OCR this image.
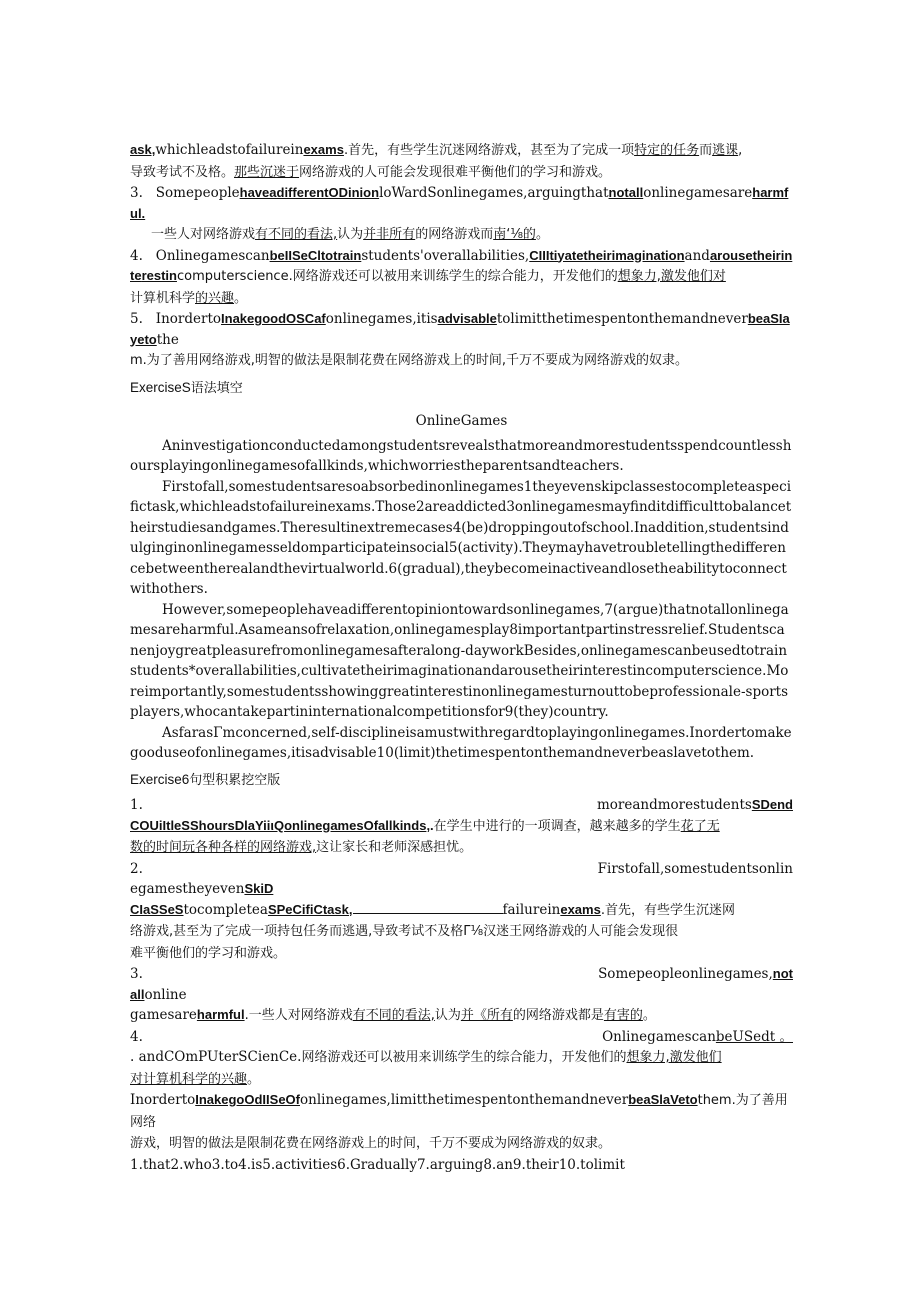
ask,whichleadstofailureinexams.首先，有些学生沉迷网络游戏，甚至为了完成一项特定的任务而逃课,

导致考试不及格。那些沉迷于网络游戏的人可能会发现很难平衡他们的学习和游戏。

3. SomepeoplehaveadifferentODinionloWardSonlinegames,arguingthatnotallonlinegamesareharmful.

一些人对网络游戏有不同的看法,认为并非所有的网络游戏而南‘⅛的。

4. OnlinegamescanbeIISeCltotrainstudents'overallabilities,CIIItiyatetheirimaginationandarousetheirinterestincomputerscience.网络游戏还可以被用来训练学生的综合能力，开发他们的想象力,激发他们对

计算机科学的兴趣。

5. InordertoInakegoodOSCafonlinegames,itisadvisabletolimitthetimespentonthemandneverbeaSIayetothe

m.为了善用网络游戏,明智的做法是限制花费在网络游戏上的时间,千万不要成为网络游戏的奴隶。

ExerciseS语法填空

OnlineGames

Aninvestigationconductedamongstudentsrevealsthatmoreandmorestudentsspendcountlesshoursplayingonlinegamesofallkinds,whichworriestheparentsandteachers.

Firstofall,somestudentsaresoabsorbedinonlinegames1theyevenskipclassestocompleteaspecifictask,whichleadstofailureinexams.Those2areaddicted3onlinegamesmayfinditdifficulttobalancetheirstudiesandgames.Theresultinextremecases4(be)droppingoutofschool.Inaddition,studentsindulginginonlinegamesseldomparticipateinsocial5(activity).Theymayhavetroubletellingthedifferencebetweentherealandthevirtualworld.6(gradual),theybecomeinactiveandlosetheabilitytoconnectwithothers.

However,somepeoplehaveadifferentopiniontowardsonlinegames,7(argue)thatnotallonlinegamesareharmful.Asameansofrelaxation,onlinegamesplay8importantpartinstressrelief.Studentscanenjoygreatpleasurefromonlinegamesafteralong-dayworkBesides,onlinegamescanbeusedtotrainstudents*overallabilities,cultivatetheirimaginationandarousetheirinterestincomputerscience.Moreimportantly,somestudentsshowinggreatinterestinonlinegamesturnouttobeprofessionale-sportsplayers,whocantakepartininternationalcompetitionsfor9(they)country.

AsfarasΓmconcerned,self-disciplineisamustwithregardtoplayingonlinegames.Inordertomakegooduseofonlinegames,itisadvisable10(limit)thetimespentonthemandneverbeaslavetothem.

Exercise6句型积累挖空版

1.	moreandmorestudentsSDend

COUiItleSShoursDlaYiiιQonlinegamesOfallkinds,.在学生中进行的一项调查，越来越多的学生花了无

数的时间玩各种各样的网络游戏,这让家长和老师深感担忧。

2.	Firstofall,somestudentsonlin

egamestheyevenSkiD

CIaSSeStocompleteaSPeCifiCtask,	failureinexams.首先，有些学生沉迷网

络游戏,甚至为了完成一项持包任务而逃遇,导致考试不及格Γ⅛汉迷王网络游戏的人可能会发现很

难平衡他们的学习和游戏。

3.	Somepeopleonlinegames,not

allonline

gamesareharmful.一些人对网络游戏有不同的看法,认为并《所有的网络游戏都是有害的。

4.	OnlinegamescanbeUSedt 。

. andCOmPUterSCienCe.网络游戏还可以被用来训练学生的综合能力，开发他们的想象力,激发他们

对计算机科学的兴趣。

InordertoInakegoOdIISeOfonlinegames,limitthetimespentonthemandneverbeaSlaVetothem.为了善用网络

游戏，明智的做法是限制花费在网络游戏上的时间，千万不要成为网络游戏的奴隶。

1.that2.who3.to4.is5.activities6.Gradually7.arguing8.an9.their10.tolimit
